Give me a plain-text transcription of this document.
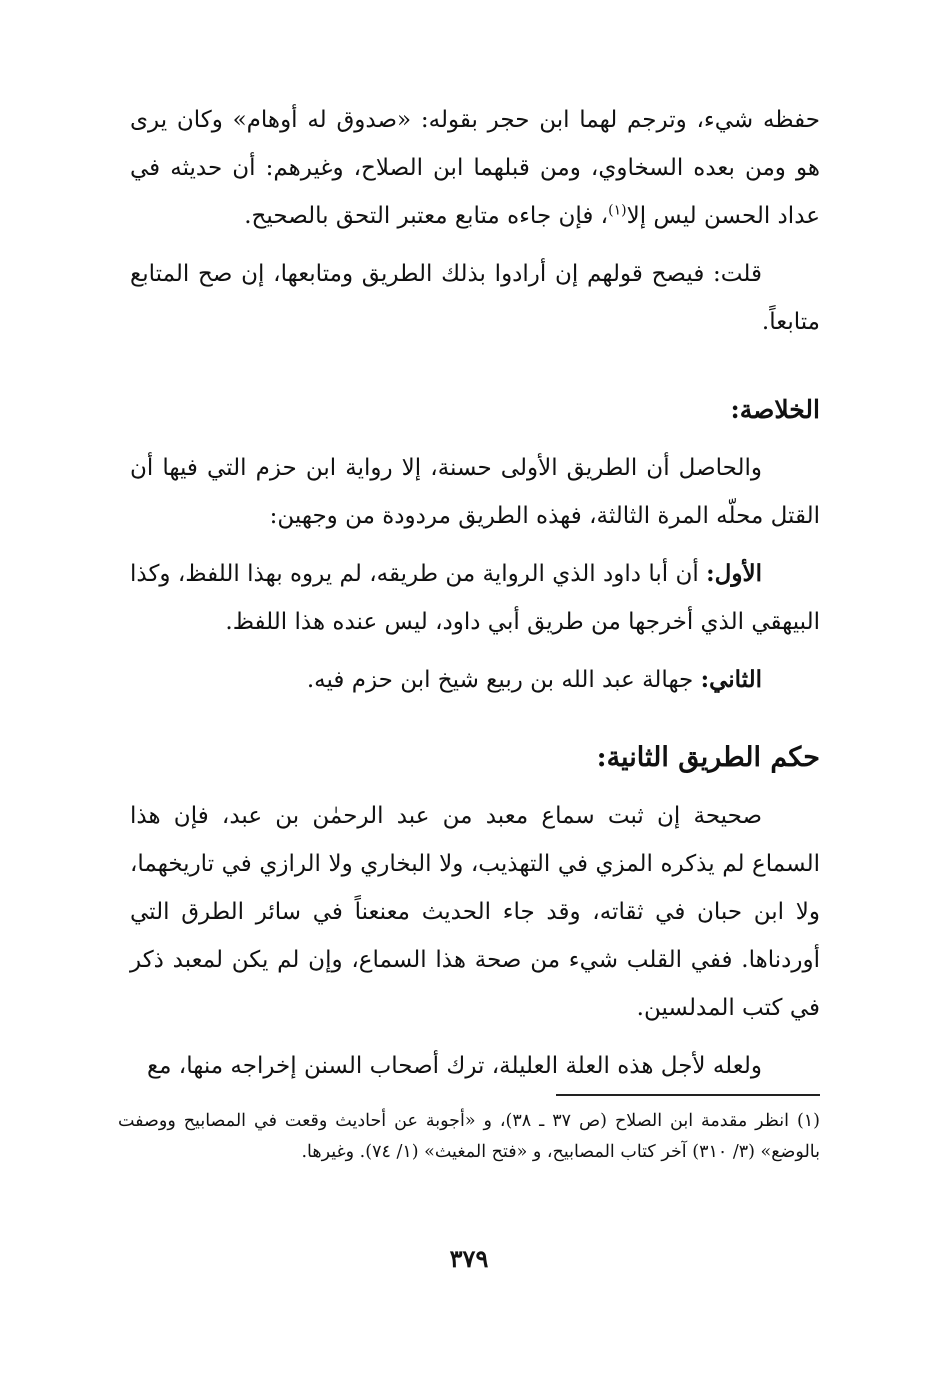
حفظه شيء، وترجم لهما ابن حجر بقوله: «صدوق له أوهام» وكان يرى هو ومن بعده السخاوي، ومن قبلهما ابن الصلاح، وغيرهم: أن حديثه في عداد الحسن ليس إلا$^{(١)}$، فإن جاءه متابع معتبر التحق بالصحيح.

قلت: فيصح قولهم إن أرادوا بذلك الطريق ومتابعها، إن صح المتابع متابعاً.

الخلاصة:

والحاصل أن الطريق الأولى حسنة، إلا رواية ابن حزم التي فيها أن القتل محلّه المرة الثالثة، فهذه الطريق مردودة من وجهين:

الأول: أن أبا داود الذي الرواية من طريقه، لم يروه بهذا اللفظ، وكذا البيهقي الذي أخرجها من طريق أبي داود، ليس عنده هذا اللفظ.

الثاني: جهالة عبد الله بن ربيع شيخ ابن حزم فيه.

حكم الطريق الثانية:

صحيحة إن ثبت سماع معبد من عبد الرحمٰن بن عبد، فإن هذا السماع لم يذكره المزي في التهذيب، ولا البخاري ولا الرازي في تاريخهما، ولا ابن حبان في ثقاته، وقد جاء الحديث معنعناً في سائر الطرق التي أوردناها. ففي القلب شيء من صحة هذا السماع، وإن لم يكن لمعبد ذكر في كتب المدلسين.

ولعله لأجل هذه العلة العليلة، ترك أصحاب السنن إخراجه منها، مع

(١)انظر مقدمة ابن الصلاح (ص ٣٧ ـ ٣٨)، و «أجوبة عن أحاديث وقعت في المصابيح ووصفت بالوضع» (٣/ ٣١٠) آخر كتاب المصابيح، و «فتح المغيث» (١/ ٧٤). وغيرها.
٣٧٩
